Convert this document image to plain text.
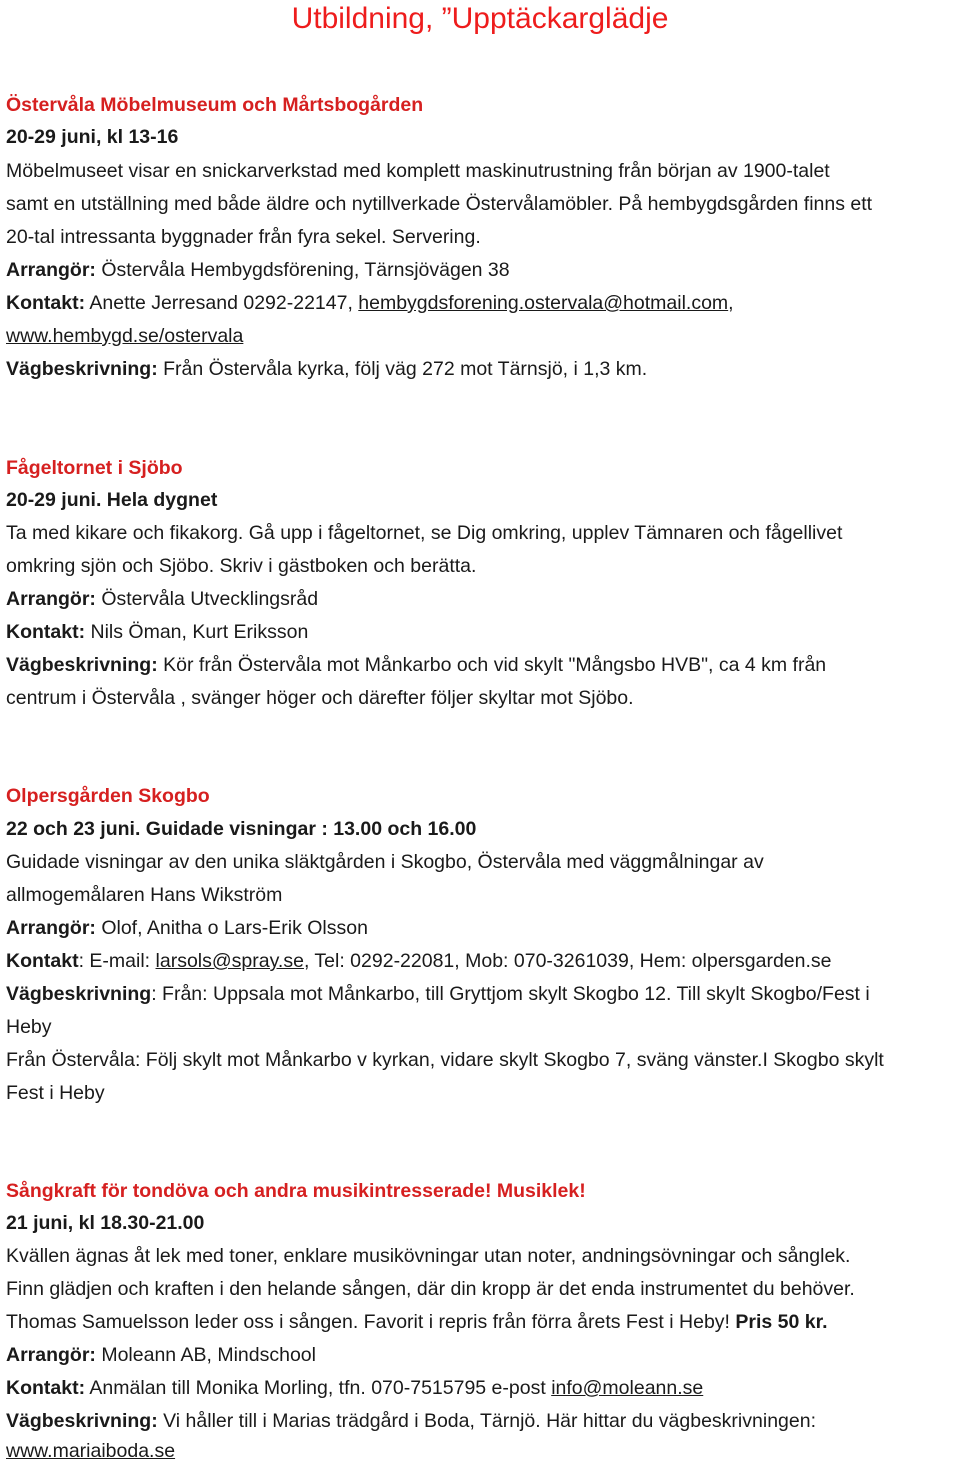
Utbildning, ”Upptäckarglädje
Östervåla Möbelmuseum och Mårtsbogården
20-29 juni, kl 13-16
Möbelmuseet visar en snickarverkstad med komplett maskinutrustning från början av 1900-talet
samt en utställning med både äldre och nytillverkade Östervålamöbler. På hembygdsgården finns ett
20-tal intressanta byggnader från fyra sekel. Servering.
Arrangör: Östervåla Hembygdsförening, Tärnsjövägen 38
Kontakt: Anette Jerresand 0292-22147, hembygdsforening.ostervala@hotmail.com,
www.hembygd.se/ostervala
Vägbeskrivning: Från Östervåla kyrka, följ väg 272 mot Tärnsjö, i 1,3 km.
Fågeltornet i Sjöbo
20-29 juni. Hela dygnet
Ta med kikare och fikakorg. Gå upp i fågeltornet, se Dig omkring, upplev Tämnaren och fågellivet
omkring sjön och Sjöbo. Skriv i gästboken och berätta.
Arrangör: Östervåla Utvecklingsråd
Kontakt: Nils Öman, Kurt Eriksson
Vägbeskrivning: Kör från Östervåla mot Månkarbo och vid skylt "Mångsbo HVB", ca 4 km från
centrum i Östervåla , svänger höger och därefter följer skyltar mot Sjöbo.
Olpersgården Skogbo
22 och 23 juni. Guidade visningar : 13.00 och 16.00
Guidade visningar av den unika släktgården i Skogbo, Östervåla med väggmålningar av
allmogemålaren Hans Wikström
Arrangör: Olof, Anitha o Lars-Erik Olsson
Kontakt: E-mail: larsols@spray.se, Tel: 0292-22081, Mob: 070-3261039, Hem: olpersgarden.se
Vägbeskrivning: Från: Uppsala mot Månkarbo, till Gryttjom skylt Skogbo 12. Till skylt Skogbo/Fest i
Heby
Från Östervåla: Följ skylt mot Månkarbo v kyrkan, vidare skylt Skogbo 7, sväng vänster.I Skogbo skylt
Fest i Heby
Sångkraft för tondöva och andra musikintresserade! Musiklek!
21 juni, kl 18.30-21.00
Kvällen ägnas åt lek med toner, enklare musikövningar utan noter, andningsövningar och sånglek.
Finn glädjen och kraften i den helande sången, där din kropp är det enda instrumentet du behöver.
Thomas Samuelsson leder oss i sången. Favorit i repris från förra årets Fest i Heby! Pris 50 kr.
Arrangör: Moleann AB, Mindschool
Kontakt: Anmälan till Monika Morling, tfn. 070-7515795 e-post info@moleann.se
Vägbeskrivning: Vi håller till i Marias trädgård i Boda, Tärnjö. Här hittar du vägbeskrivningen:
www.mariaiboda.se
